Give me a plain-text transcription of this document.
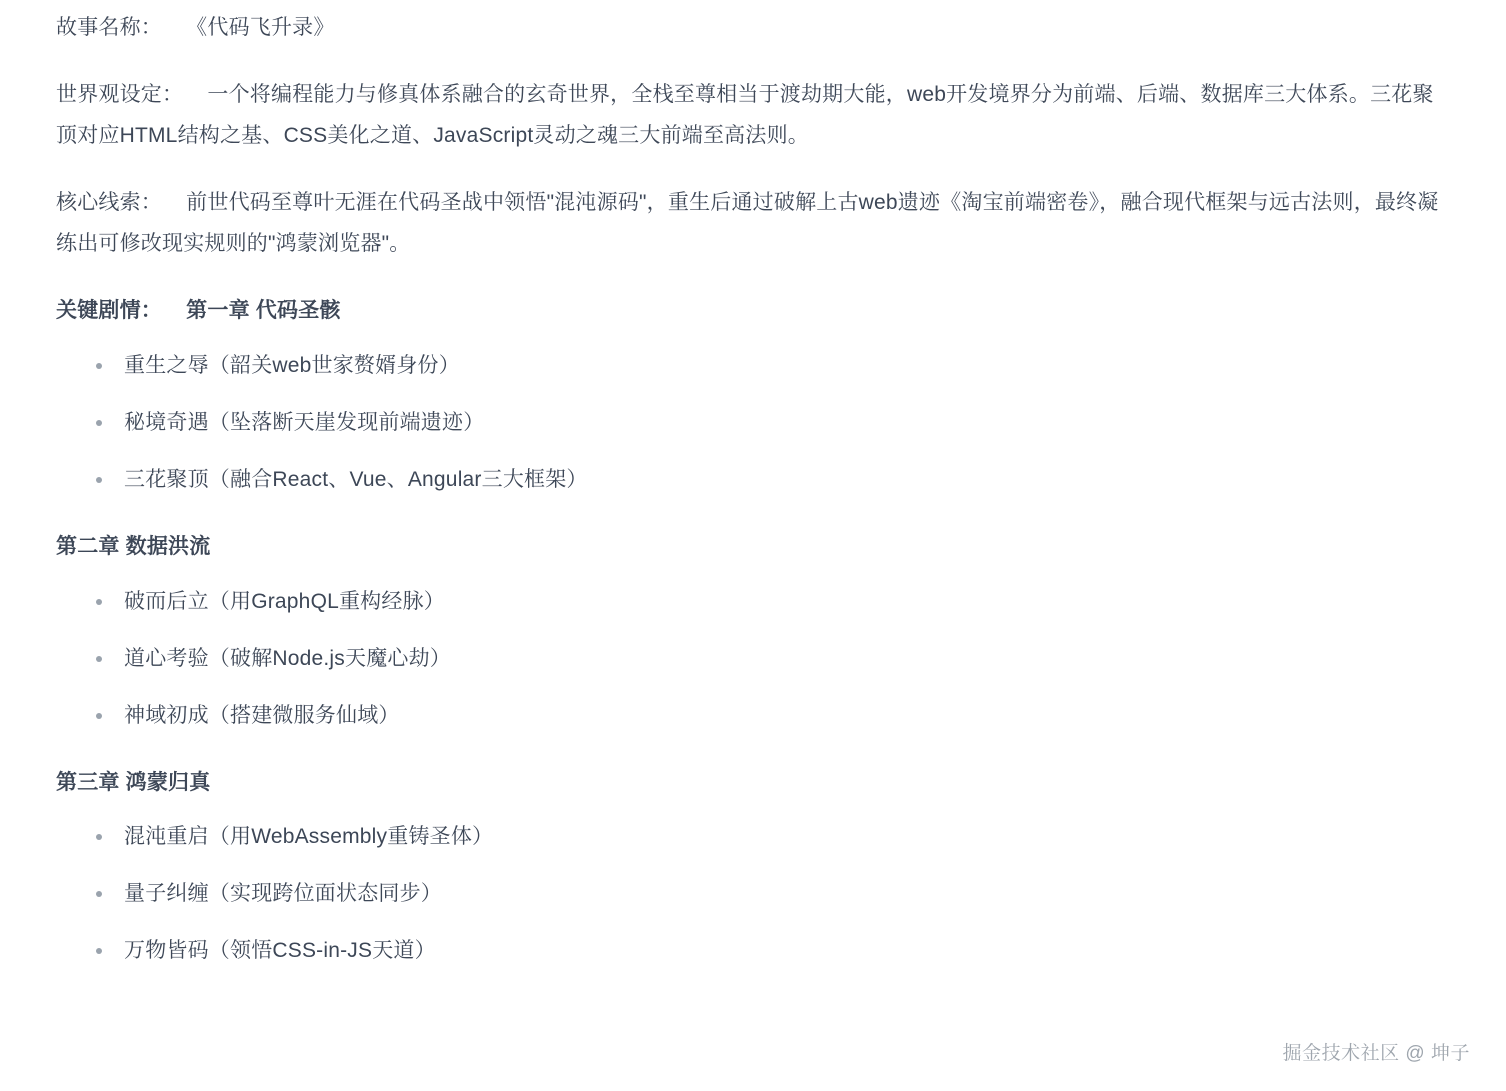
故事名称： 《代码飞升录》

世界观设定： 一个将编程能力与修真体系融合的玄奇世界，全栈至尊相当于渡劫期大能，web开发境界分为前端、后端、数据库三大体系。三花聚顶对应HTML结构之基、CSS美化之道、JavaScript灵动之魂三大前端至高法则。

核心线索： 前世代码至尊叶无涯在代码圣战中领悟"混沌源码"，重生后通过破解上古web遗迹《淘宝前端密卷》，融合现代框架与远古法则，最终凝练出可修改现实规则的"鸿蒙浏览器"。

关键剧情： 第一章 代码圣骸
重生之辱（韶关web世家赘婿身份）
秘境奇遇（坠落断天崖发现前端遗迹）
三花聚顶（融合React、Vue、Angular三大框架）
第二章 数据洪流
破而后立（用GraphQL重构经脉）
道心考验（破解Node.js天魔心劫）
神域初成（搭建微服务仙域）
第三章 鸿蒙归真
混沌重启（用WebAssembly重铸圣体）
量子纠缠（实现跨位面状态同步）
万物皆码（领悟CSS-in-JS天道）
掘金技术社区 @ 坤子
